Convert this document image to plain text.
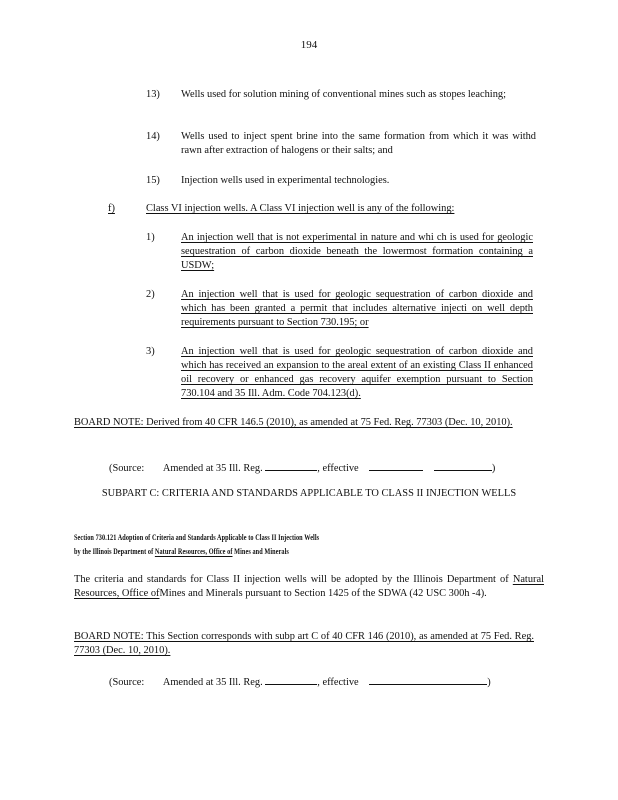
194
13)	Wells used for solution mining of conventional mines such as stopes leaching;
14)	Wells used to inject spent brine into the same formation from which it was withd rawn after extraction of halogens or their salts; and
15)	Injection wells used in experimental technologies.
f)	Class VI injection wells. A Class VI injection well is any of the following:
1)	An injection well that is not experimental in nature and whi ch is used for geologic sequestration of carbon dioxide beneath the lowermost formation containing a USDW;
2)	An injection well that is used for geologic sequestration of carbon dioxide and which has been granted a permit that includes alternative injecti on well depth requirements pursuant to Section 730.195; or
3)	An injection well that is used for geologic sequestration of carbon dioxide and which has received an expansion to the areal extent of an existing Class II enhanced oil recovery or enhanced gas recovery aquifer exemption pursuant to Section 730.104 and 35 Ill. Adm. Code 704.123(d).
BOARD NOTE: Derived from 40 CFR 146.5 (2010), as amended at 75 Fed. Reg. 77303 (Dec. 10, 2010).
(Source: Amended at 35 Ill. Reg.	, effective	)
SUBPART C: CRITERIA AND STANDARDS APPLICABLE TO CLASS II INJECTION WELLS
Section 730.121 Adoption of Criteria and Standards Applicable to Class II Injection Wells
by the Illinois Department of Natural Resources, Office of Mines and Minerals
The criteria and standards for Class II injection wells will be adopted by the Illinois Department of Natural Resources, Office ofMines and Minerals pursuant to Section 1425 of the SDWA (42 USC 300h -4).
BOARD NOTE: This Section corresponds with subp art C of 40 CFR 146 (2010), as amended at 75 Fed. Reg. 77303 (Dec. 10, 2010).
(Source: Amended at 35 Ill. Reg.	, effective	)
